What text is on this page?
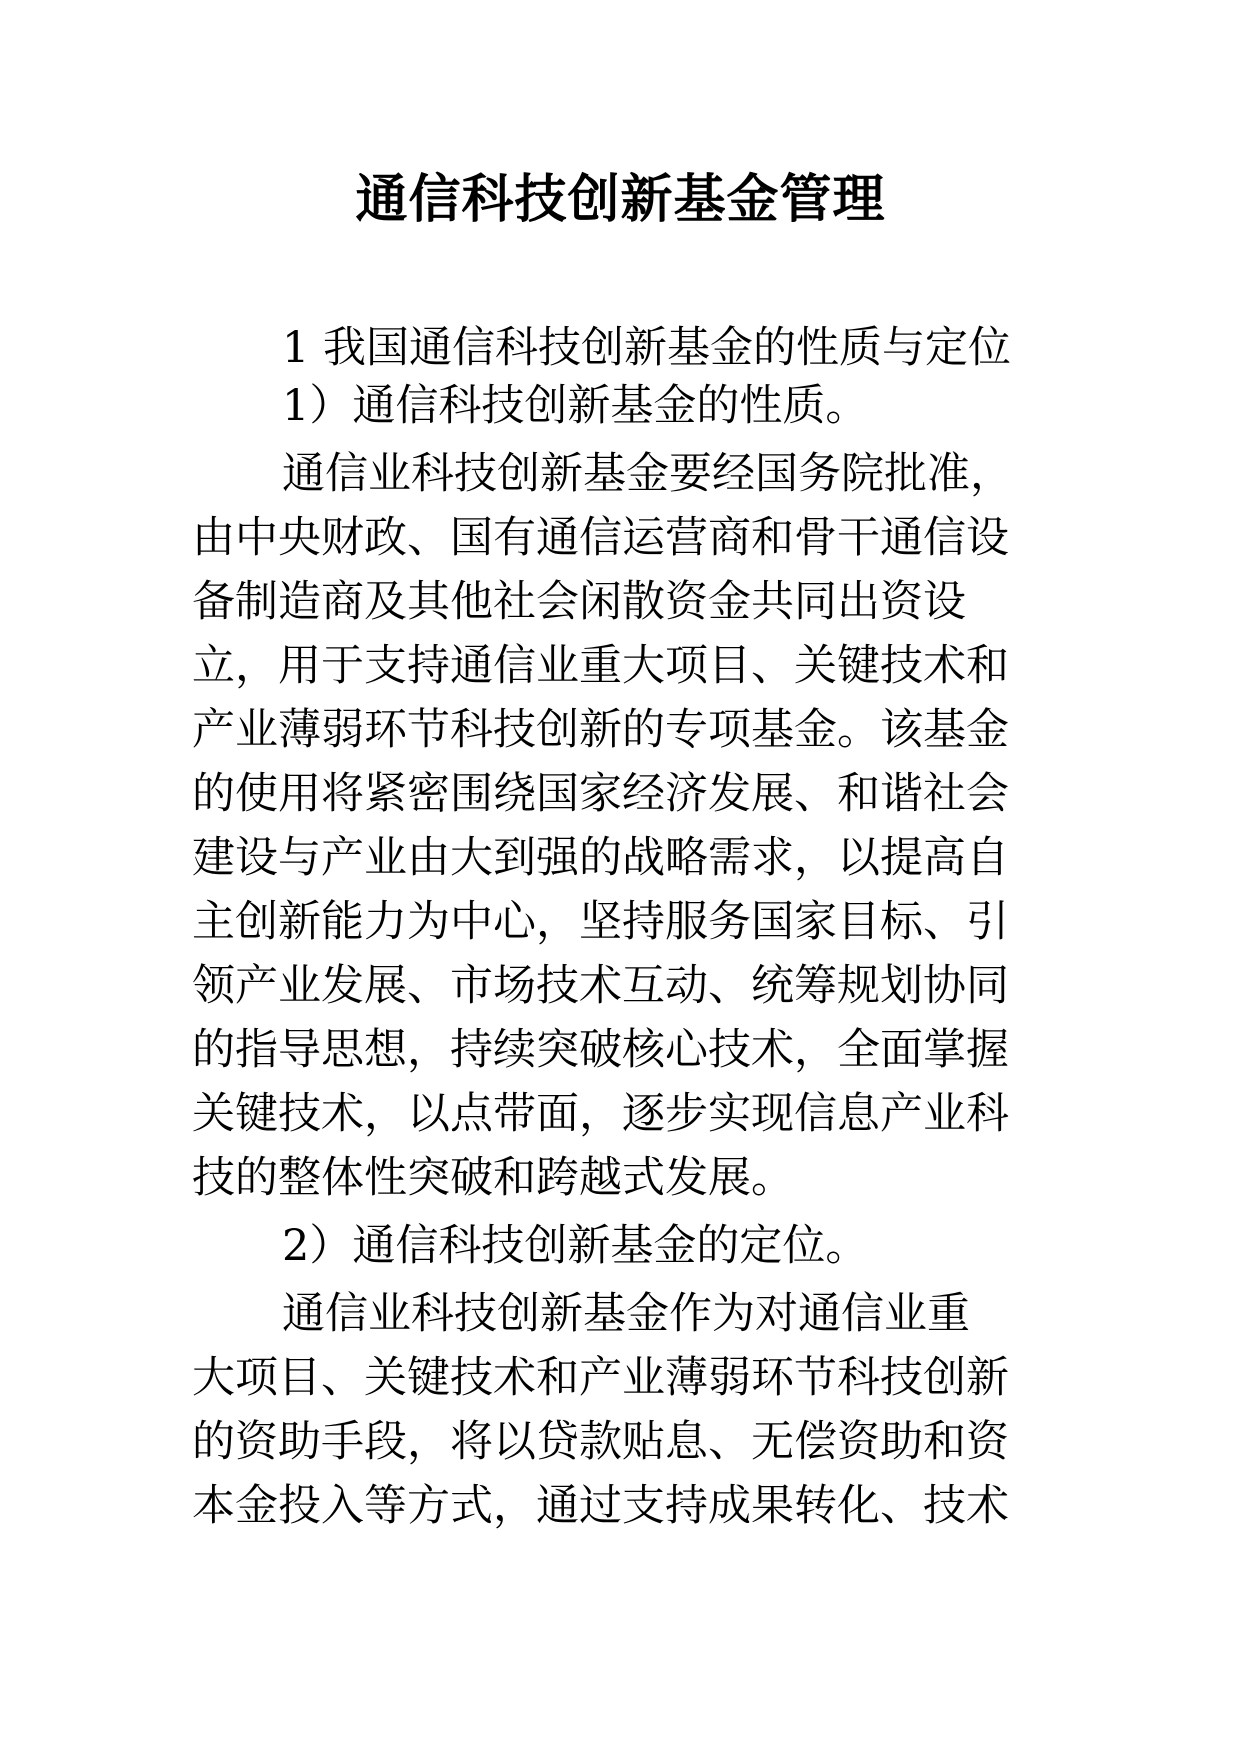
通信科技创新基金管理

1 我国通信科技创新基金的性质与定位

1）通信科技创新基金的性质。

通信业科技创新基金要经国务院批准，

由中央财政、国有通信运营商和骨干通信设

备制造商及其他社会闲散资金共同出资设

立，用于支持通信业重大项目、关键技术和

产业薄弱环节科技创新的专项基金。该基金

的使用将紧密围绕国家经济发展、和谐社会

建设与产业由大到强的战略需求，以提高自

主创新能力为中心，坚持服务国家目标、引

领产业发展、市场技术互动、统筹规划协同

的指导思想，持续突破核心技术，全面掌握

关键技术，以点带面，逐步实现信息产业科

技的整体性突破和跨越式发展。

2）通信科技创新基金的定位。

通信业科技创新基金作为对通信业重

大项目、关键技术和产业薄弱环节科技创新

的资助手段，将以贷款贴息、无偿资助和资

本金投入等方式，通过支持成果转化、技术
